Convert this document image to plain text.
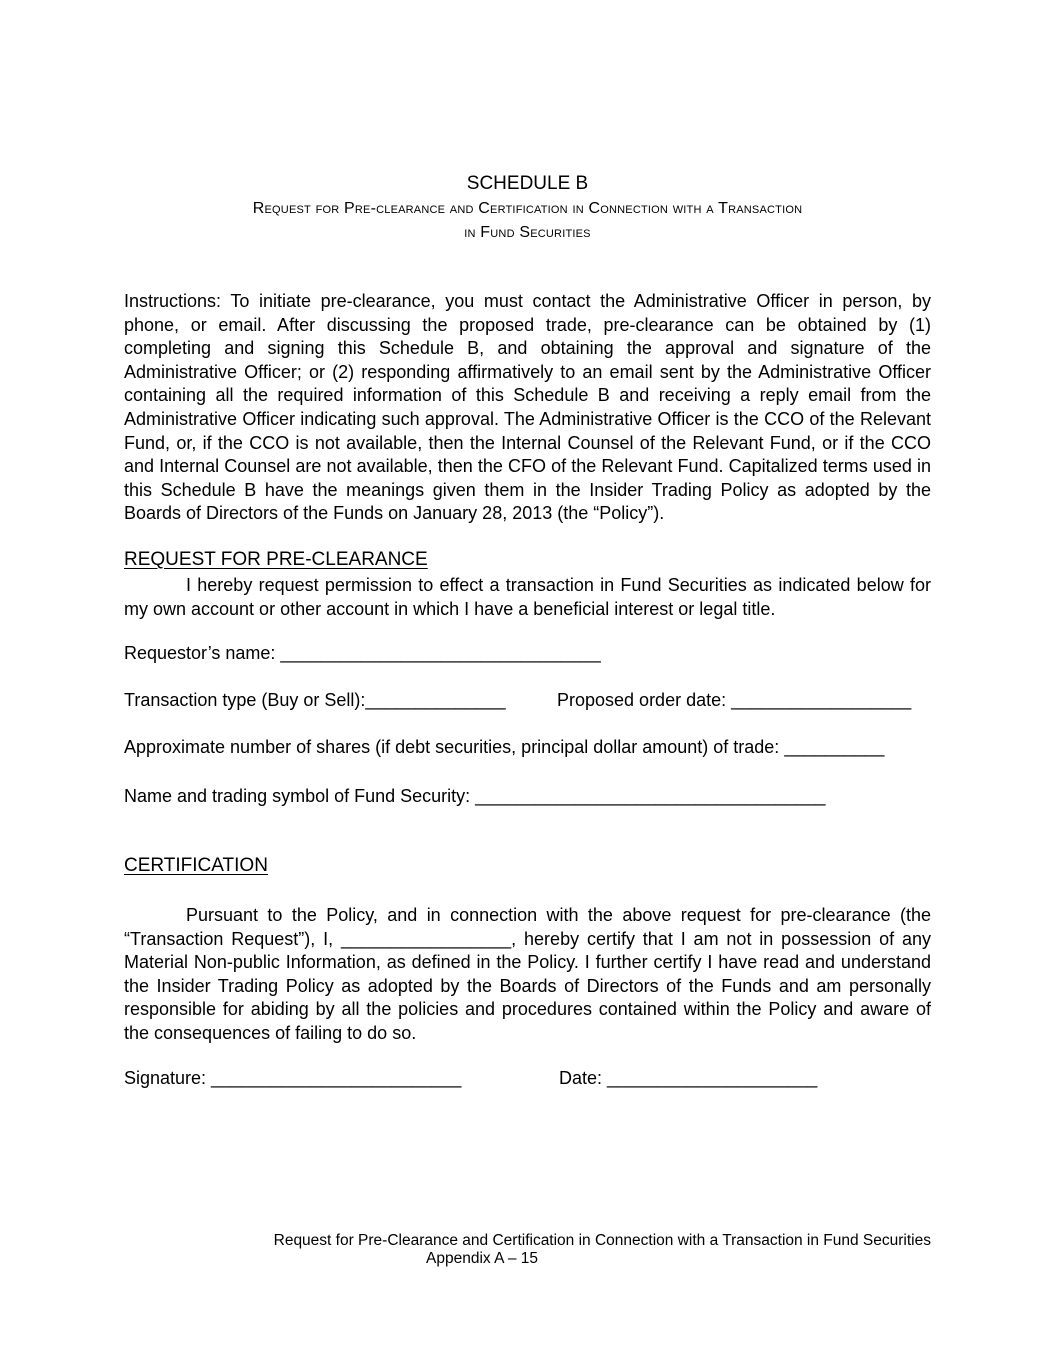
SCHEDULE B
Request for Pre-clearance and Certification in Connection with a Transaction
in Fund Securities
Instructions: To initiate pre-clearance, you must contact the Administrative Officer in person, by phone, or email. After discussing the proposed trade, pre-clearance can be obtained by (1) completing and signing this Schedule B, and obtaining the approval and signature of the Administrative Officer; or (2) responding affirmatively to an email sent by the Administrative Officer containing all the required information of this Schedule B and receiving a reply email from the Administrative Officer indicating such approval. The Administrative Officer is the CCO of the Relevant Fund, or, if the CCO is not available, then the Internal Counsel of the Relevant Fund, or if the CCO and Internal Counsel are not available, then the CFO of the Relevant Fund. Capitalized terms used in this Schedule B have the meanings given them in the Insider Trading Policy as adopted by the Boards of Directors of the Funds on January 28, 2013 (the “Policy”).
REQUEST FOR PRE-CLEARANCE
I hereby request permission to effect a transaction in Fund Securities as indicated below for my own account or other account in which I have a beneficial interest or legal title.
Requestor’s name: ________________________________
Transaction type (Buy or Sell):______________	Proposed order date: __________________
Approximate number of shares (if debt securities, principal dollar amount) of trade: __________
Name and trading symbol of Fund Security: ___________________________________
CERTIFICATION
Pursuant to the Policy, and in connection with the above request for pre-clearance (the “Transaction Request”), I, _________________, hereby certify that I am not in possession of any Material Non-public Information, as defined in the Policy. I further certify I have read and understand the Insider Trading Policy as adopted by the Boards of Directors of the Funds and am personally responsible for abiding by all the policies and procedures contained within the Policy and aware of the consequences of failing to do so.
Signature: _________________________	Date: _____________________
Request for Pre-Clearance and Certification in Connection with a Transaction in Fund Securities
Appendix A – 15
